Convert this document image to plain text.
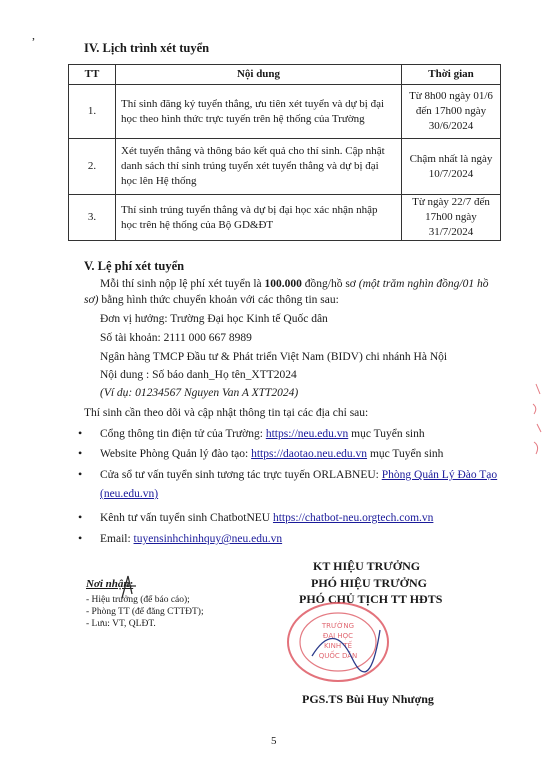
,
IV. Lịch trình xét tuyển
TT	Nội dung	Thời gian
1.	Thí sinh đăng ký tuyển thẳng, ưu tiên xét tuyển và dự bị đại học theo hình thức trực tuyến trên hệ thống của Trường	Từ 8h00 ngày 01/6 đến 17h00 ngày 30/6/2024
2.	Xét tuyển thẳng và thông báo kết quả cho thí sinh. Cập nhật danh sách thí sinh trúng tuyển xét tuyển thẳng và dự bị đại học lên Hệ thống	Chậm nhất là ngày 10/7/2024
3.	Thí sinh trúng tuyển thẳng và dự bị đại học xác nhận nhập học trên hệ thống của Bộ GD&ĐT	Từ ngày 22/7 đến 17h00 ngày 31/7/2024
V. Lệ phí xét tuyển
Mỗi thí sinh nộp lệ phí xét tuyển là 100.000 đồng/hồ sơ (một trăm nghìn đồng/01 hồ
sơ) bằng hình thức chuyển khoản với các thông tin sau:
Đơn vị hưởng: Trường Đại học Kinh tế Quốc dân
Số tài khoản: 2111 000 667 8989
Ngân hàng TMCP Đầu tư & Phát triển Việt Nam (BIDV) chi nhánh Hà Nội
Nội dung : Số báo danh_Họ tên_XTT2024
(Ví dụ: 01234567 Nguyen Van A XTT2024)
Thí sinh cần theo dõi và cập nhật thông tin tại các địa chỉ sau:
• Cổng thông tin điện tử của Trường: https://neu.edu.vn mục Tuyển sinh
• Website Phòng Quản lý đào tạo: https://daotao.neu.edu.vn mục Tuyển sinh
• Cửa sổ tư vấn tuyển sinh tương tác trực tuyến ORLABNEU: Phòng Quản Lý Đào Tạo
(neu.edu.vn)
• Kênh tư vấn tuyển sinh ChatbotNEU https://chatbot-neu.orgtech.com.vn
• Email: tuyensinhchinhquy@neu.edu.vn
Nơi nhận:
- Hiệu trưởng (để báo cáo);
- Phòng TT (để đăng CTTĐT);
- Lưu: VT, QLĐT.
KT HIỆU TRƯỞNG
PHÓ HIỆU TRƯỞNG
PHÓ CHỦ TỊCH TT HĐTS
TRƯỜNG
ĐẠI HỌC
KINH TẾ
QUỐC DÂN
PGS.TS Bùi Huy Nhượng
5
